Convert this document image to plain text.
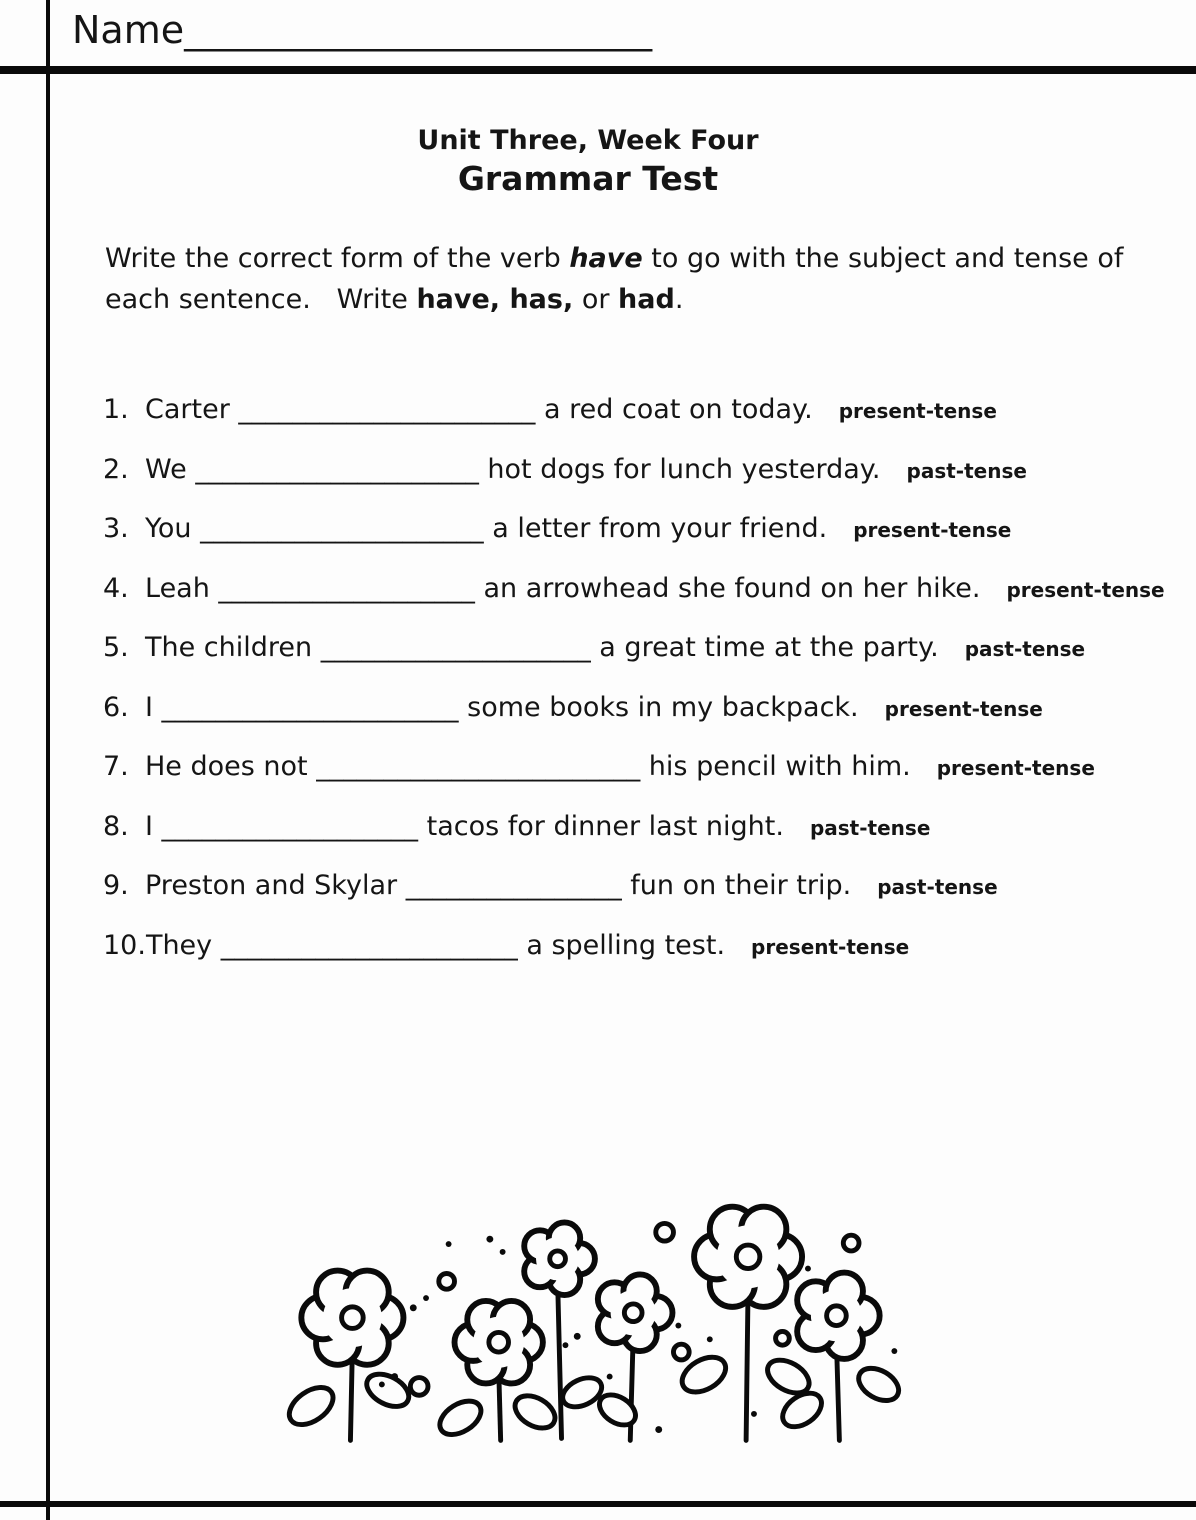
Name__________________________
Unit Three, Week Four
Grammar Test
Write the correct form of the verb have to go with the subject and tense of
each sentence.   Write have, has, or had.
1. Carter ______________________ a red coat on today. present-tense
2. We _____________________ hot dogs for lunch yesterday. past-tense
3. You _____________________ a letter from your friend. present-tense
4. Leah ___________________ an arrowhead she found on her hike. present-tense
5. The children ____________________ a great time at the party. past-tense
6. I ______________________ some books in my backpack. present-tense
7. He does not ________________________ his pencil with him. present-tense
8. I ___________________ tacos for dinner last night. past-tense
9. Preston and Skylar ________________ fun on their trip. past-tense
10.They ______________________ a spelling test. present-tense
